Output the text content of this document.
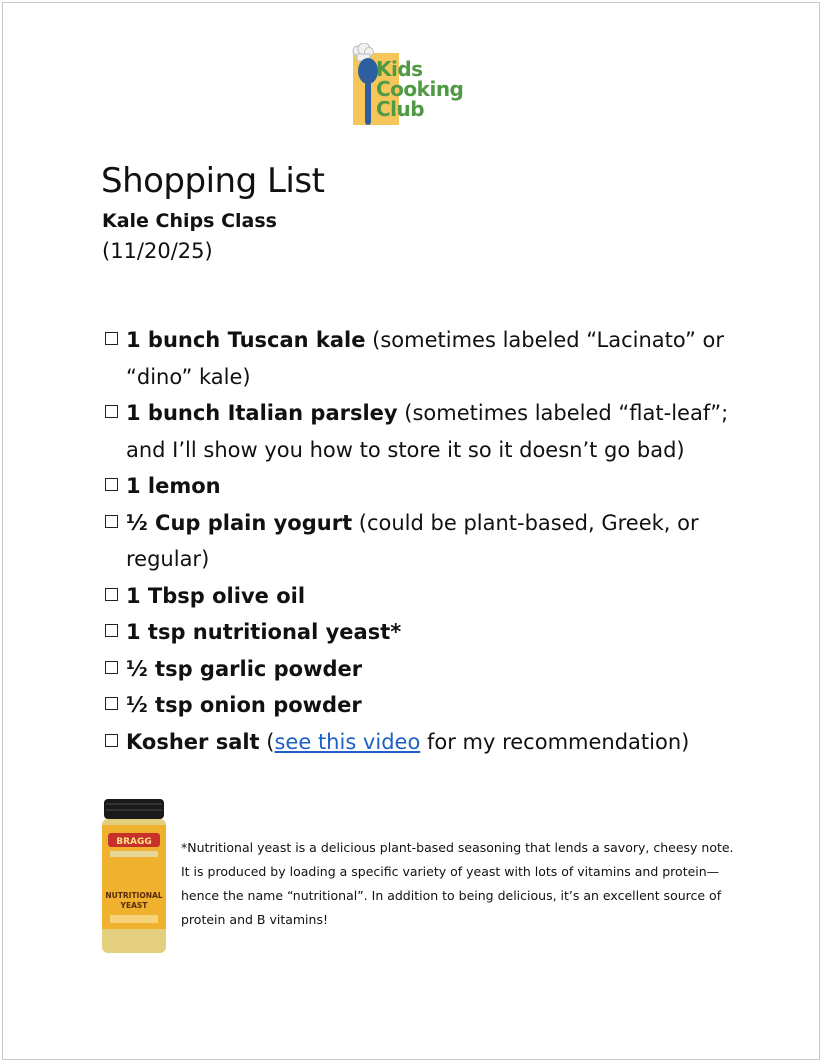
Kids
Cooking
Club
Shopping List

Kale Chips Class

(11/20/25)

1 bunch Tuscan kale (sometimes labeled “Lacinato” or “dino” kale)
1 bunch Italian parsley (sometimes labeled “flat-leaf”; and I’ll show you how to store it so it doesn’t go bad)
1 lemon
½ Cup plain yogurt (could be plant-based, Greek, or regular)
1 Tbsp olive oil
1 tsp nutritional yeast*
½ tsp garlic powder
½ tsp onion powder
Kosher salt (see this video for my recommendation)
BRAGG
NUTRITIONAL
YEAST

*Nutritional yeast is a delicious plant-based seasoning that lends a savory, cheesy note. It is produced by loading a specific variety of yeast with lots of vitamins and protein—hence the name “nutritional”. In addition to being delicious, it’s an excellent source of protein and B vitamins!
